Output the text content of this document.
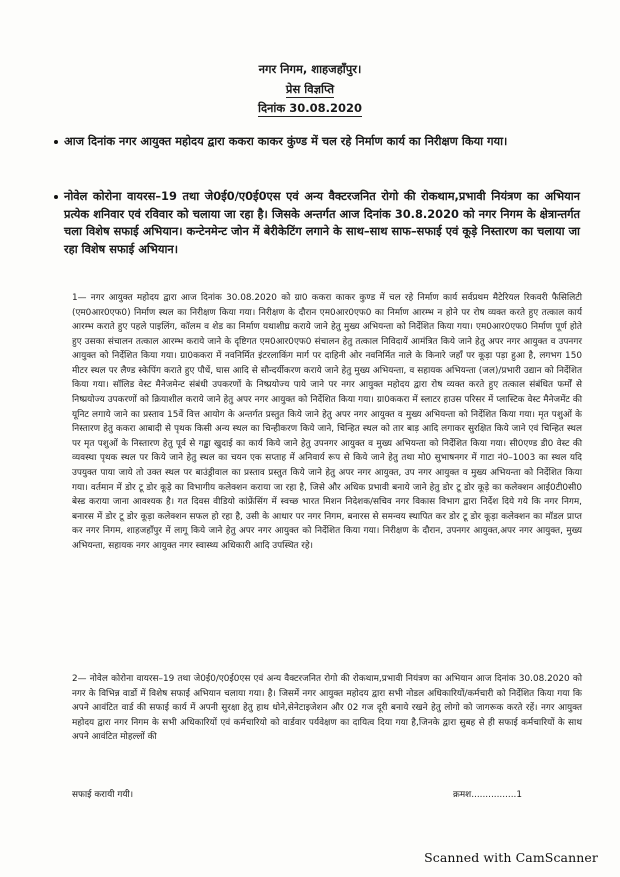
नगर निगम, शाहजहाँपुर।
प्रेस विज्ञप्ति
दिनांक 30.08.2020
आज दिनांक नगर आयुक्त महोदय द्वारा ककरा काकर कुंण्ड में चल रहे निर्माण कार्य का निरीक्षण किया गया।
नोवेल कोरोना वायरस–19 तथा जे0ई0/ए0ई0एस एवं अन्य वैक्टरजनित रोगो की रोकथाम,प्रभावी नियंत्रण का अभियान प्रत्येक शनिवार एवं रविवार को चलाया जा रहा है। जिसके अन्तर्गत आज दिनांक 30.8.2020 को नगर निगम के क्षेत्रान्तर्गत चला विशेष सफाई अभियान। कन्टेनमेन्ट जोन में बेरीकेटिंग लगाने के साथ–साथ साफ–सफाई एवं कूड़े निस्तारण का चलाया जा रहा विशेष सफाई अभियान।
1— नगर आयुक्त महोदय द्वारा आज दिनांक 30.08.2020 को ग्रा0 ककरा काकर कुण्ड में चल रहे निर्माण कार्य सर्वप्रथम मैटेरियल रिकवरी फैसिलिटी (एम0आर0एफ0) निर्माण स्थल का निरीक्षण किया गया। निरीक्षण के दौरान एम0आर0एफ0 का निर्माण आरम्भ न होने पर रोष व्यक्त करते हुए तत्काल कार्य आरम्भ कराते हुए पहले पाइलिंग, कॉलम व शेड का निर्माण यथाशीघ्र कराये जाने हेतु मुख्य अभियन्ता को निर्देशित किया गया। एम0आर0एफ0 निर्माण पूर्ण होते हुए उसका संचालन तत्काल आरम्भ कराये जाने के दृष्टिगत एम0आर0एफ0 संचालन हेतु तत्काल निविदायें आमंत्रित किये जाने हेतु अपर नगर आयुक्त व उपनगर आयुक्त को निर्देशित किया गया। ग्रा0ककरा में नवनिर्मित इंटरलाकिंग मार्ग पर दाहिनी ओर नवनिर्मित नाले के किनारे जहाँ पर कूड़ा पड़ा हुआ है, लगभग 150 मीटर स्थल पर लैण्ड स्केपिंग कराते हुए पौधें, घास आदि से सौन्दर्यीकरण कराये जाने हेतु मुख्य अभियन्ता, व सहायक अभियन्ता (जल)/प्रभारी उद्यान को निर्देशित किया गया। सॉलिड वेस्ट मैनेजमेन्ट संबंधी उपकरणों के निष्प्रयोज्य पाये जाने पर नगर आयुक्त महोदय द्वारा रोष व्यक्त करते हुए तत्काल संबंधित फर्मों से निष्प्रयोज्य उपकरणों को क्रियाशील कराये जाने हेतु अपर नगर आयुक्त को निर्देशित किया गया। ग्रा0ककरा में स्लाटर हाउस परिसर में प्लास्टिक वेस्ट मैनेजमेंट की यूनिट लगाये जाने का प्रस्ताव 15वें वित्त आयोग के अन्तर्गत प्रस्तुत किये जाने हेतु अपर नगर आयुक्त व मुख्य अभियन्ता को निर्देशित किया गया। मृत पशुओं के निस्तारण हेतु ककरा आबादी से पृथक किसी अन्य स्थल का चिन्हीकरण किये जाने, चिन्हित स्थल को तार बाड़ आदि लगाकर सुरक्षित किये जाने एवं चिन्हित स्थल पर मृत पशुओं के निस्तारण हेतु पूर्व से गड्ढा खुदाई का कार्य किये जाने हेतु उपनगर आयुक्त व मुख्य अभियन्ता को निर्देशित किया गया। सी0एण्ड डी0 वेस्ट की व्यवस्था पृथक स्थल पर किये जाने हेतु स्थल का चयन एक सप्ताह में अनिवार्य रूप से किये जाने हेतु तथा मो0 सुभाषनगर में गाटा नं0–1003 का स्थल यदि उपयुक्त पाया जाये तो उक्त स्थल पर बाउंड्रीवाल का प्रस्ताव प्रस्तुत किये जाने हेतु अपर नगर आयुक्त, उप नगर आयुक्त व मुख्य अभियन्ता को निर्देशित किया गया। वर्तमान में डोर टू डोर कूड़े का विभागीय कलेक्शन कराया जा रहा है, जिसे और अधिक प्रभावी बनाये जाने हेतु डोर टू डोर कूड़े का कलेक्शन आई0टी0सी0 बेस्ड कराया जाना आवश्यक है। गत दिवस वीडियो कांफ्रेंसिंग में स्वच्छ भारत मिशन निदेशक/सचिव नगर विकास विभाग द्वारा निर्देश दिये गये कि नगर निगम, बनारस में डोर टू डोर कूड़ा कलेक्शन सफल हो रहा है, उसी के आधार पर नगर निगम, बनारस से समन्वय स्थापित कर डोर टू डोर कूड़ा कलेक्शन का मॉडल प्राप्त कर नगर निगम, शाहजहाँपुर में लागू किये जाने हेतु अपर नगर आयुक्त को निर्देशित किया गया। निरीक्षण के दौरान, उपनगर आयुक्त,अपर नगर आयुक्त, मुख्य अभियन्ता, सहायक नगर आयुक्त नगर स्वास्थ्य अधिकारी आदि उपस्थित रहे।
2— नोवेल कोरोना वायरस–19 तथा जे0ई0/ए0ई0एस एवं अन्य वैक्टरजनित रोगो की रोकथाम,प्रभावी नियंत्रण का अभियान आज दिनांक 30.08.2020 को नगर के विभिन्न वार्डो में विशेष सफाई अभियान चलाया गया। है। जिसमें नगर आयुक्त महोदय द्वारा सभी नोडल अधिकारियों/कर्मचारी को निर्देशित किया गया कि अपने आवंटित वार्ड की सफाई कार्य में अपनी सुरक्षा हेतु हाथ धोने,सेनेटाइजेशन और 02 गज दूरी बनाये रखने हेतु लोगो को जागरूक करते रहें। नगर आयुक्त महोदय द्वारा नगर निगम के सभी अधिकारियों एवं कर्मचारियो को वार्डवार पर्यवेक्षण का दायित्व दिया गया है,जिनके द्वारा सुबह से ही सफाई कर्मचारियों के साथ अपने आवंटित मोहल्लों की
सफाई करायी गयी।	क्रमश................1
Scanned with CamScanner
